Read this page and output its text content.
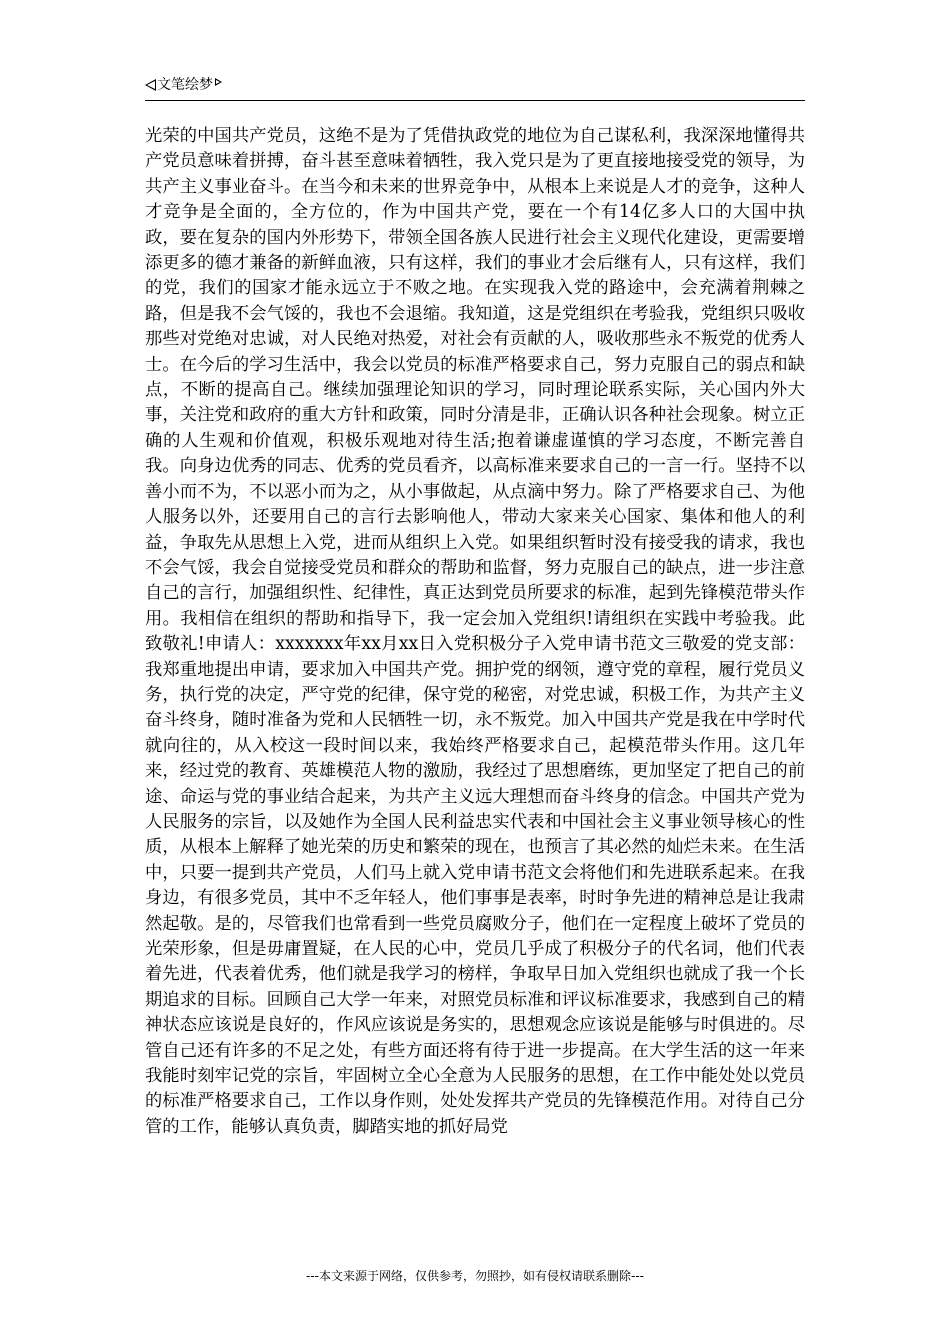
文笔绘梦

光荣的中国共产党员，这绝不是为了凭借执政党的地位为自己谋私利，我深深地懂得共产党员意味着拼搏，奋斗甚至意味着牺牲，我入党只是为了更直接地接受党的领导，为共产主义事业奋斗。在当今和未来的世界竞争中，从根本上来说是人才的竞争，这种人才竞争是全面的，全方位的，作为中国共产党，要在一个有14亿多人口的大国中执政，要在复杂的国内外形势下，带领全国各族人民进行社会主义现代化建设，更需要增添更多的德才兼备的新鲜血液，只有这样，我们的事业才会后继有人，只有这样，我们的党，我们的国家才能永远立于不败之地。在实现我入党的路途中，会充满着荆棘之路，但是我不会气馁的，我也不会退缩。我知道，这是党组织在考验我，党组织只吸收那些对党绝对忠诚，对人民绝对热爱，对社会有贡献的人，吸收那些永不叛党的优秀人士。在今后的学习生活中，我会以党员的标准严格要求自己，努力克服自己的弱点和缺点，不断的提高自己。继续加强理论知识的学习，同时理论联系实际，关心国内外大事，关注党和政府的重大方针和政策，同时分清是非，正确认识各种社会现象。树立正确的人生观和价值观，积极乐观地对待生活;抱着谦虚谨慎的学习态度，不断完善自我。向身边优秀的同志、优秀的党员看齐，以高标准来要求自己的一言一行。坚持不以善小而不为，不以恶小而为之，从小事做起，从点滴中努力。除了严格要求自己、为他人服务以外，还要用自己的言行去影响他人，带动大家来关心国家、集体和他人的利益，争取先从思想上入党，进而从组织上入党。如果组织暂时没有接受我的请求，我也不会气馁，我会自觉接受党员和群众的帮助和监督，努力克服自己的缺点，进一步注意自己的言行，加强组织性、纪律性，真正达到党员所要求的标准，起到先锋模范带头作用。我相信在组织的帮助和指导下，我一定会加入党组织!请组织在实践中考验我。此致敬礼!申请人：xxxxxxx年xx月xx日入党积极分子入党申请书范文三敬爱的党支部：我郑重地提出申请，要求加入中国共产党。拥护党的纲领，遵守党的章程，履行党员义务，执行党的决定，严守党的纪律，保守党的秘密，对党忠诚，积极工作，为共产主义奋斗终身，随时准备为党和人民牺牲一切，永不叛党。加入中国共产党是我在中学时代就向往的，从入校这一段时间以来，我始终严格要求自己，起模范带头作用。这几年来，经过党的教育、英雄模范人物的激励，我经过了思想磨练，更加坚定了把自己的前途、命运与党的事业结合起来，为共产主义远大理想而奋斗终身的信念。中国共产党为人民服务的宗旨，以及她作为全国人民利益忠实代表和中国社会主义事业领导核心的性质，从根本上解释了她光荣的历史和繁荣的现在，也预言了其必然的灿烂未来。在生活中，只要一提到共产党员，人们马上就入党申请书范文会将他们和先进联系起来。在我身边，有很多党员，其中不乏年轻人，他们事事是表率，时时争先进的精神总是让我肃然起敬。是的，尽管我们也常看到一些党员腐败分子，他们在一定程度上破坏了党员的光荣形象，但是毋庸置疑，在人民的心中，党员几乎成了积极分子的代名词，他们代表着先进，代表着优秀，他们就是我学习的榜样，争取早日加入党组织也就成了我一个长期追求的目标。回顾自己大学一年来，对照党员标准和评议标准要求，我感到自己的精神状态应该说是良好的，作风应该说是务实的，思想观念应该说是能够与时俱进的。尽管自己还有许多的不足之处，有些方面还将有待于进一步提高。在大学生活的这一年来我能时刻牢记党的宗旨，牢固树立全心全意为人民服务的思想，在工作中能处处以党员的标准严格要求自己，工作以身作则，处处发挥共产党员的先锋模范作用。对待自己分管的工作，能够认真负责，脚踏实地的抓好局党

---本文来源于网络，仅供参考，勿照抄，如有侵权请联系删除---
